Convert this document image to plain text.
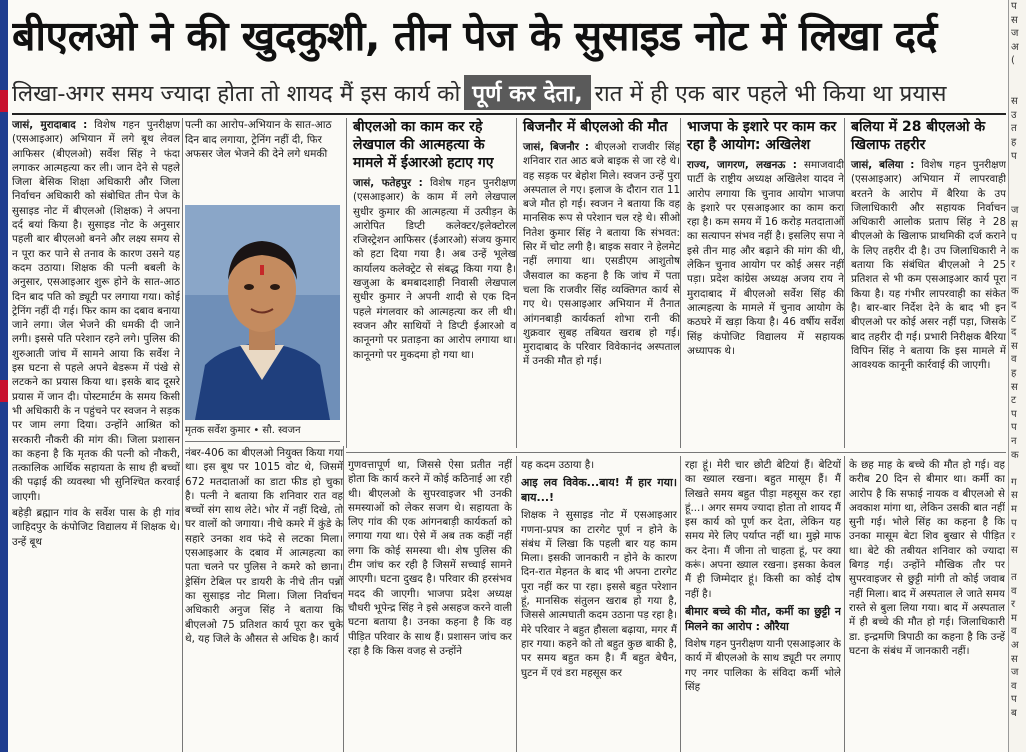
बीएलओ ने की खुदकुशी, तीन पेज के सुसाइड नोट में लिखा दर्द
लिखा-अगर समय ज्यादा होता तो शायद मैं इस कार्य को पूर्ण कर देता, रात में ही एक बार पहले भी किया था प्रयास
जासं, मुरादाबाद : विशेष गहन पुनरीक्षण (एसआइआर) अभियान में लगे बूथ लेवल आफिसर (बीएलओ) सर्वेश सिंह ने फंदा लगाकर आत्महत्या कर ली। जान देने से पहले जिला बेसिक शिक्षा अधिकारी और जिला निर्वाचन अधिकारी को संबोधित तीन पेज के सुसाइड नोट में बीएलओ (शिक्षक) ने अपना दर्द बयां किया है। सुसाइड नोट के अनुसार पहली बार बीएलओ बनने और लक्ष्य समय से न पूरा कर पाने से तनाव के कारण उसने यह कदम उठाया। शिक्षक की पत्नी बबली के अनुसार, एसआइआर शुरू होने के सात-आठ दिन बाद पति को ड्यूटी पर लगाया गया। कोई ट्रेनिंग नहीं दी गई। फिर काम का दबाव बनाया जाने लगा। जेल भेजने की धमकी दी जाने लगी। इससे पति परेशान रहने लगे। पुलिस की शुरुआती जांच में सामने आया कि सर्वेश ने इस घटना से पहले अपने बेडरूम में पंखे से लटकने का प्रयास किया था। इसके बाद दूसरे प्रयास में जान दी। पोस्टमार्टम के समय किसी भी अधिकारी के न पहुंचने पर स्वजन ने सड़क पर जाम लगा दिया। उन्होंने आश्रित को सरकारी नौकरी की मांग की। जिला प्रशासन का कहना है कि मृतक की पत्नी को नौकरी, तत्कालिक आर्थिक सहायता के साथ ही बच्चों की पढ़ाई की व्यवस्था भी सुनिश्चित करवाई जाएगी।
बहेड़ी ब्रह्मान गांव के सर्वेश पास के ही गांव जाहिदपुर के कंपोजिट विद्यालय में शिक्षक थे। उन्हें बूथ
पत्नी का आरोप-अभियान के सात-आठ दिन बाद लगाया, ट्रेनिंग नहीं दी, फिर अफसर जेल भेजने की देने लगे धमकी
मृतक सर्वेश कुमार • सौ. स्वजन
नंबर-406 का बीएलओ नियुक्त किया गया था। इस बूथ पर 1015 वोट थे, जिसमें 672 मतदाताओं का डाटा फीड हो चुका है। पत्नी ने बताया कि शनिवार रात वह बच्चों संग साथ लेटे। भोर में नहीं दिखे, तो घर वालों को जगाया। नीचे कमरे में कुंडे के सहारे उनका शव फंदे से लटका मिला। एसआइआर के दबाव में आत्महत्या का पता चलने पर पुलिस ने कमरे को छाना। ड्रेसिंग टेबिल पर डायरी के नीचे तीन पन्नों का सुसाइड नोट मिला। जिला निर्वाचन अधिकारी अनुज सिंह ने बताया कि बीएलओ 75 प्रतिशत कार्य पूरा कर चुके थे, यह जिले के औसत से अधिक है। कार्य
बीएलओ का काम कर रहे लेखपाल की आत्महत्या के मामले में ईआरओ हटाए गए
जासं, फतेहपुर : विशेष गहन पुनरीक्षण (एसआइआर) के काम में लगे लेखपाल सुधीर कुमार की आत्महत्या में उत्पीड़न के आरोपित डिप्टी कलेक्टर/इलेक्टोरल रजिस्ट्रेशन आफिसर (ईआरओ) संजय कुमार को हटा दिया गया है। अब उन्हें भूलेख कार्यालय कलेक्ट्रेट से संबद्ध किया गया है। खजुआ के बमबादशाही निवासी लेखपाल सुधीर कुमार ने अपनी शादी से एक दिन पहले मंगलवार को आत्महत्या कर ली थी। स्वजन और साथियों ने डिप्टी ईआरओ व कानूनगो पर प्रताड़ना का आरोप लगाया था। कानूनगो पर मुकदमा हो गया था।
बिजनौर में बीएलओ की मौत
जासं, बिजनौर : बीएलओ राजवीर सिंह शनिवार रात आठ बजे बाइक से जा रहे थे। वह सड़क पर बेहोश मिले। स्वजन उन्हें पुरा अस्पताल ले गए। इलाज के दौरान रात 11 बजे मौत हो गई। स्वजन ने बताया कि वह मानसिक रूप से परेशान चल रहे थे। सीओ नितेश कुमार सिंह ने बताया कि संभवत: सिर में चोट लगी है। बाइक सवार ने हेलमेट नहीं लगाया था। एसडीएम आशुतोष जैसवाल का कहना है कि जांच में पता चला कि राजवीर सिंह व्यक्तिगत कार्य से गए थे। एसआइआर अभियान में तैनात आंगनबाड़ी कार्यकर्ता शोभा रानी की शुक्रवार सुबह तबियत खराब हो गई। मुरादाबाद के परिवार विवेकानंद अस्पताल में उनकी मौत हो गई।
भाजपा के इशारे पर काम कर रहा है आयोग: अखिलेश
राज्य, जागरण, लखनऊ : समाजवादी पार्टी के राष्ट्रीय अध्यक्ष अखिलेश यादव ने आरोप लगाया कि चुनाव आयोग भाजपा के इशारे पर एसआइआर का काम करा रहा है। कम समय में 16 करोड़ मतदाताओं का सत्यापन संभव नहीं है। इसलिए सपा ने इसे तीन माह और बढ़ाने की मांग की थी, लेकिन चुनाव आयोग पर कोई असर नहीं पड़ा। प्रदेश कांग्रेस अध्यक्ष अजय राय ने मुरादाबाद में बीएलओ सर्वेश सिंह की आत्महत्या के मामले में चुनाव आयोग के कठघरे में खड़ा किया है। 46 वर्षीय सर्वेश सिंह कंपोजिट विद्यालय में सहायक अध्यापक थे।
बलिया में 28 बीएलओ के खिलाफ तहरीर
जासं, बलिया : विशेष गहन पुनरीक्षण (एसआइआर) अभियान में लापरवाही बरतने के आरोप में बैरिया के उप जिलाधिकारी और सहायक निर्वाचन अधिकारी आलोक प्रताप सिंह ने 28 बीएलओ के खिलाफ प्राथमिकी दर्ज कराने के लिए तहरीर दी है। उप जिलाधिकारी ने बताया कि संबंधित बीएलओ ने 25 प्रतिशत से भी कम एसआइआर कार्य पूरा किया है। यह गंभीर लापरवाही का संकेत है। बार-बार निर्देश देने के बाद भी इन बीएलओ पर कोई असर नहीं पड़ा, जिसके बाद तहरीर दी गई। प्रभारी निरीक्षक बैरिया विपिन सिंह ने बताया कि इस मामले में आवश्यक कानूनी कार्रवाई की जाएगी।
गुणवत्तापूर्ण था, जिससे ऐसा प्रतीत नहीं होता कि कार्य करने में कोई कठिनाई आ रही थी। बीएलओ के सुपरवाइजर भी उनकी समस्याओं को लेकर सजग थे। सहायता के लिए गांव की एक आंगनबाड़ी कार्यकर्ता को लगाया गया था। ऐसे में अब तक कहीं नहीं लगा कि कोई समस्या थी। शेष पुलिस की टीम जांच कर रही है जिसमें सच्चाई सामने आएगी। घटना दुखद है। परिवार की हरसंभव मदद की जाएगी। भाजपा प्रदेश अध्यक्ष चौधरी भूपेन्द्र सिंह ने इसे असहज करने वाली घटना बताया है। उनका कहना है कि वह पीड़ित परिवार के साथ हैं। प्रशासन जांच कर रहा है कि किस वजह से उन्होंने
यह कदम उठाया है।
आइ लव विवेक...बाय! मैं हार गया। बाय...!
शिक्षक ने सुसाइड नोट में एसआइआर गणना-प्रपत्र का टारगेट पूर्ण न होने के संबंध में लिखा कि पहली बार यह काम मिला। इसकी जानकारी न होने के कारण दिन-रात मेहनत के बाद भी अपना टारगेट पूरा नहीं कर पा रहा। इससे बहुत परेशान हूं, मानसिक संतुलन खराब हो गया है, जिससे आत्मघाती कदम उठाना पड़ रहा है। मेरे परिवार ने बहुत हौसला बढ़ाया, मगर मैं हार गया। कहने को तो बहुत कुछ बाकी है, पर समय बहुत कम है। मैं बहुत बेचैन, घुटन में एवं डरा महसूस कर
रहा हूं। मेरी चार छोटी बेटियां हैं। बेटियों का ख्याल रखना। बहुत मासूम हैं। मैं लिखते समय बहुत पीड़ा महसूस कर रहा हूं...। अगर समय ज्यादा होता तो शायद मैं इस कार्य को पूर्ण कर देता, लेकिन यह समय मेरे लिए पर्याप्त नहीं था। मुझे माफ कर देना। मैं जीना तो चाहता हूं, पर क्या करूं। अपना ख्याल रखना। इसका केवल मैं ही जिम्मेदार हूं। किसी का कोई दोष नहीं है।
बीमार बच्चे की मौत, कर्मी का छुट्टी न मिलने का आरोप : औरैया
विशेष गहन पुनरीक्षण यानी एसआइआर के कार्य में बीएलओ के साथ ड्यूटी पर लगाए गए नगर पालिका के संविदा कर्मी भोले सिंह
के छह माह के बच्चे की मौत हो गई। वह करीब 20 दिन से बीमार था। कर्मी का आरोप है कि सफाई नायक व बीएलओ से अवकाश मांगा था, लेकिन उसकी बात नहीं सुनी गई। भोले सिंह का कहना है कि उनका मासूम बेटा शिव बुखार से पीड़ित था। बेटे की तबीयत शनिवार को ज्यादा बिगड़ गई। उन्होंने मौखिक तौर पर सुपरवाइजर से छुट्टी मांगी तो कोई जवाब नहीं मिला। बाद में अस्पताल ले जाते समय रास्ते से बुला लिया गया। बाद में अस्पताल में ही बच्चे की मौत हो गई। जिलाधिकारी डा. इन्द्रमणि त्रिपाठी का कहना है कि उन्हें घटना के संबंध में जानकारी नहीं।
प
स
ज
अ
(

स
उ
त
ह
प

ज
स
प
क
र
न
क
द
ट
द
स
व
ह
स
ट
प
प
न
क

ग
स
म
प
र
स

त
व
र
म
व
अ
स
ज
व
प
ब
